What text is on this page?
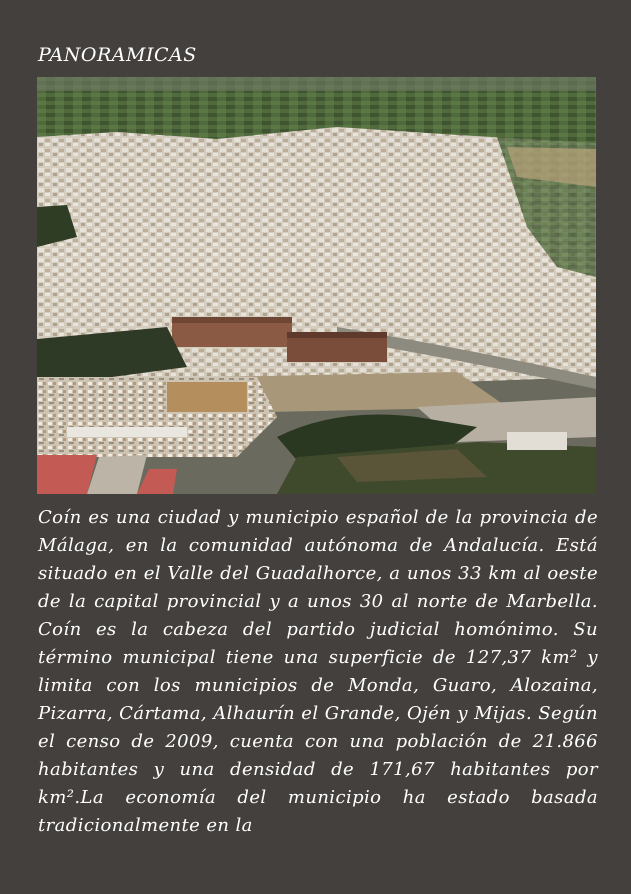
PANORAMICAS

Coín es una ciudad y municipio español de la provincia de Málaga, en la comunidad autónoma de Andalucía. Está situado en el Valle del Guadalhorce, a unos 33 km al oeste de la capital provincial y a unos 30 al norte de Marbella. Coín es la cabeza del partido judicial homónimo. Su término municipal tiene una superficie de 127,37 km² y limita con los municipios de Monda, Guaro, Alozaina, Pizarra, Cártama, Alhaurín el Grande, Ojén y Mijas. Según el censo de 2009, cuenta con una población de 21.866 habitantes y una densidad de 171,67 habitantes por km².La economía del municipio ha estado basada tradicionalmente en la
